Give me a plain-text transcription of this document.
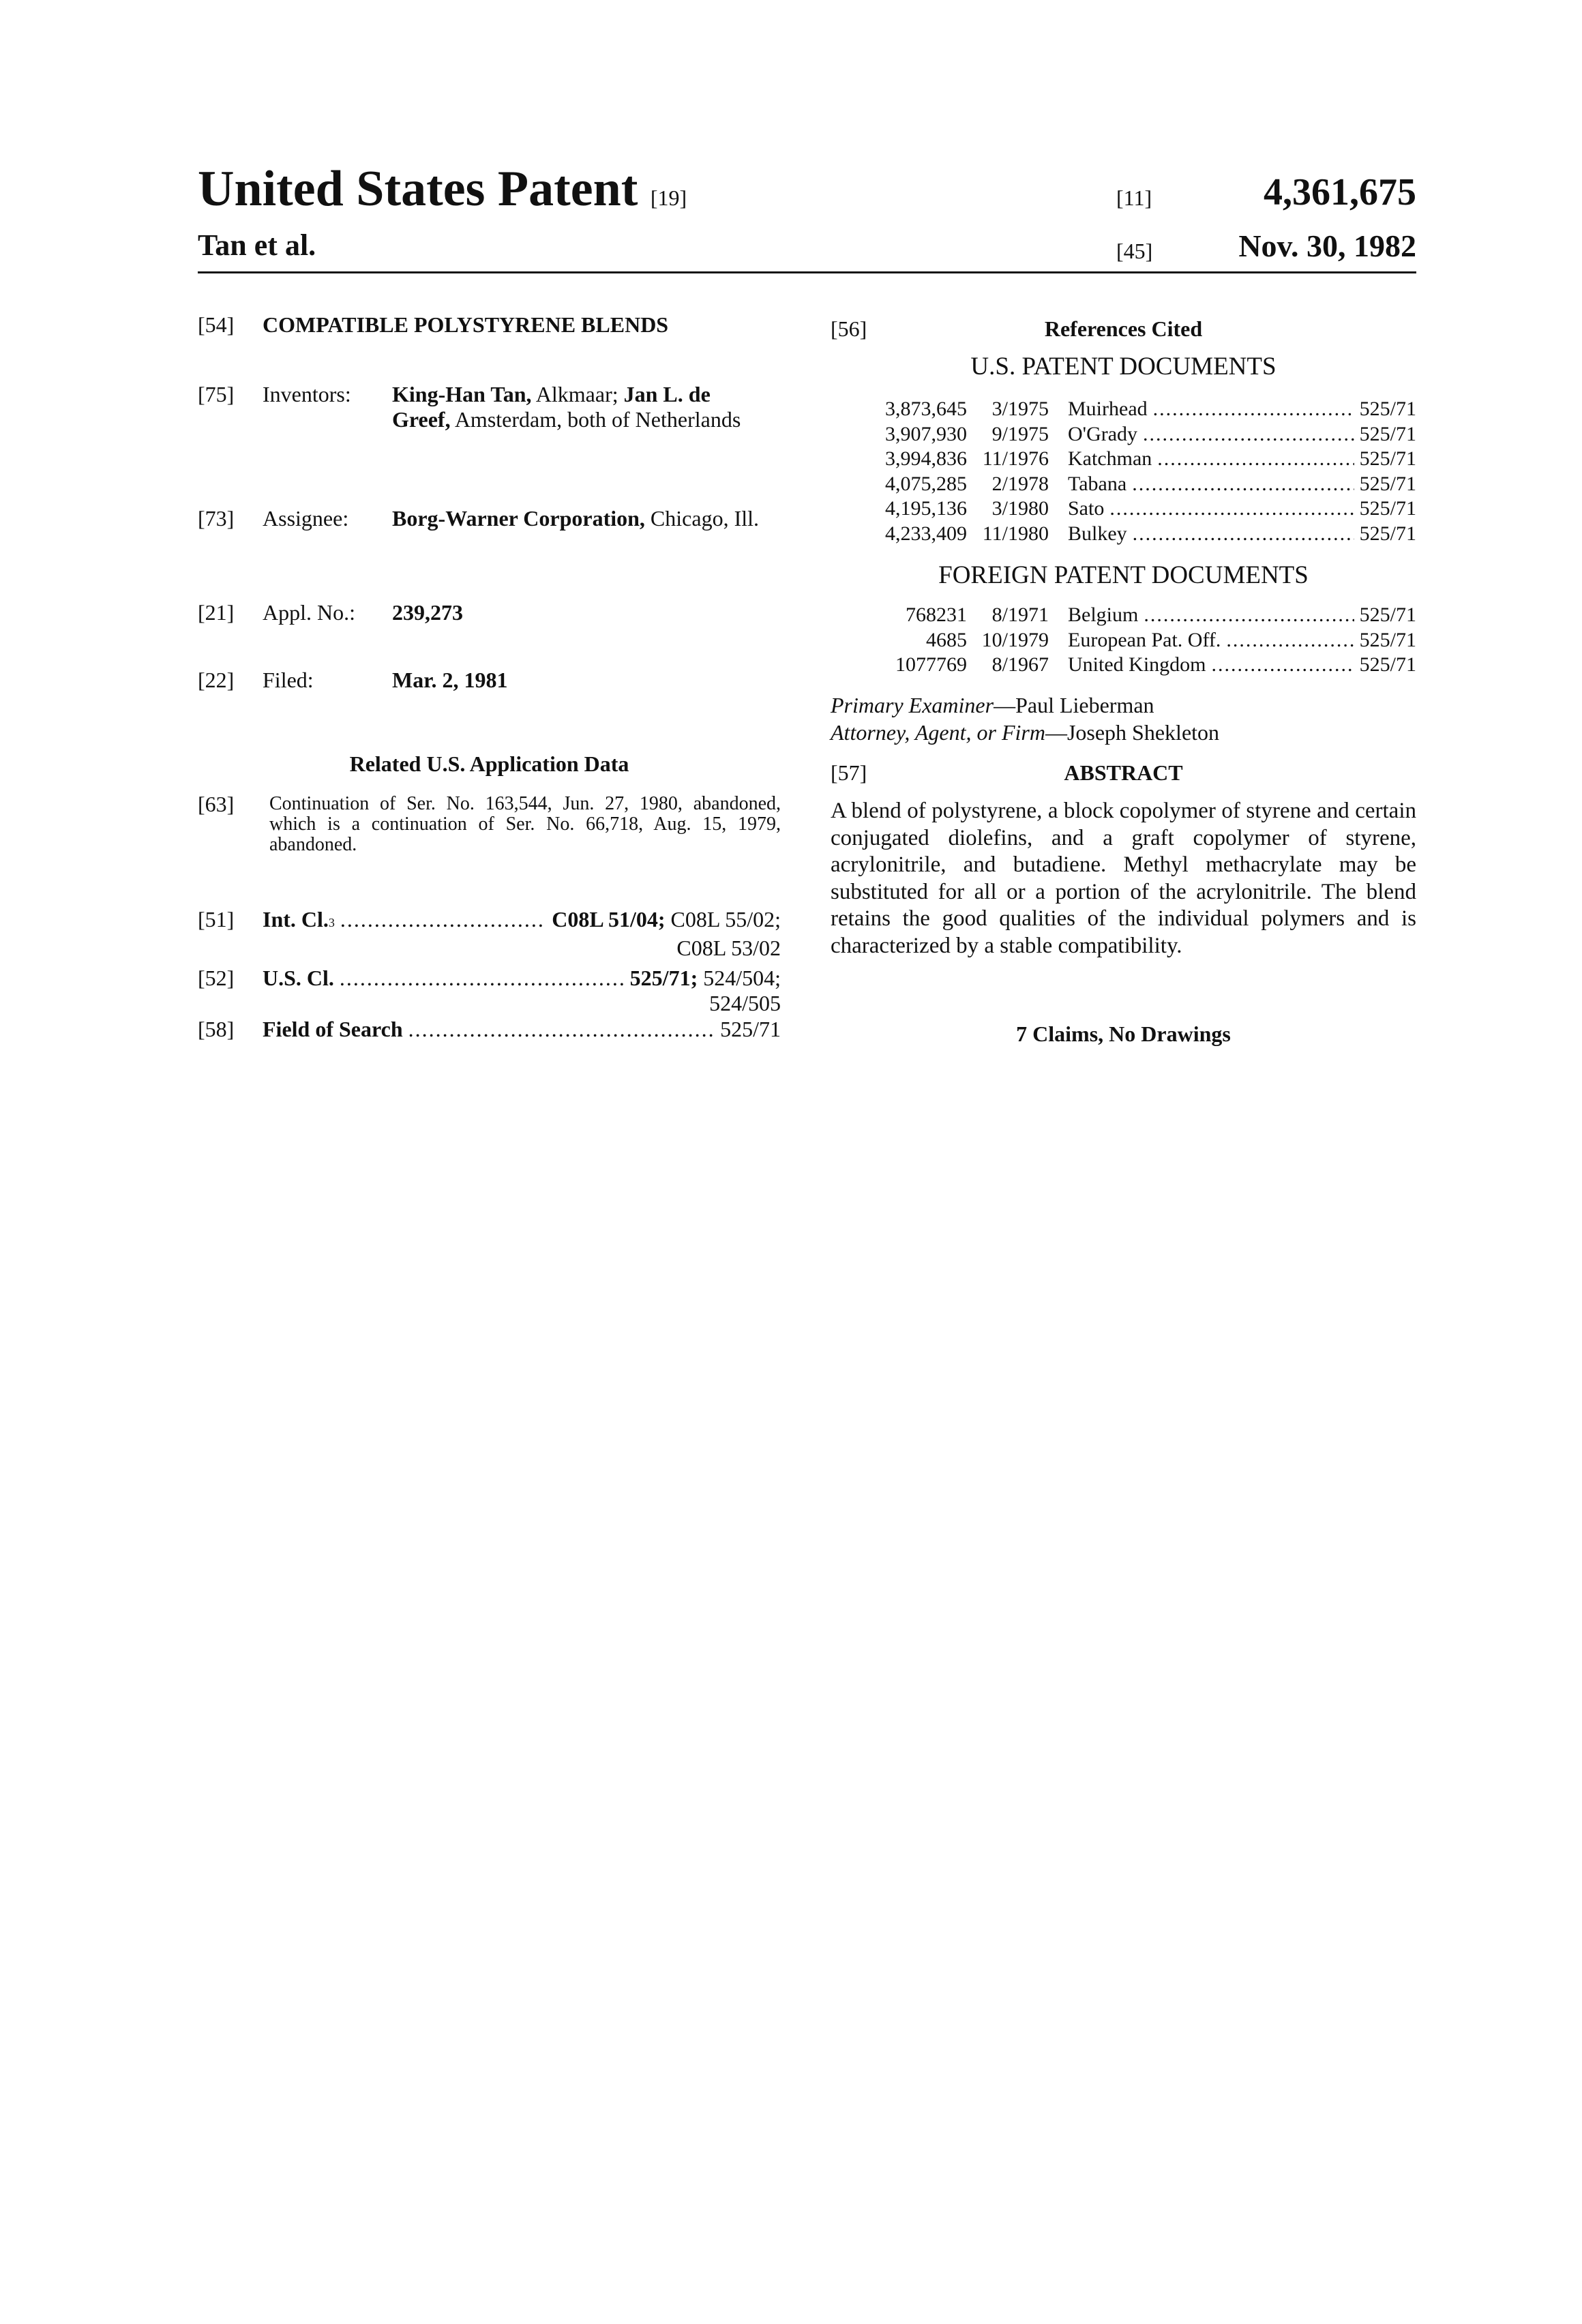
United States Patent [19]
Tan et al.
[11]	4,361,675
[45]	Nov. 30, 1982
[54] COMPATIBLE POLYSTYRENE BLENDS
[75] Inventors: King-Han Tan, Alkmaar; Jan L. de Greef, Amsterdam, both of Netherlands
[73] Assignee: Borg-Warner Corporation, Chicago, Ill.
[21] Appl. No.: 239,273
[22] Filed:	Mar. 2, 1981
Related U.S. Application Data
[63] Continuation of Ser. No. 163,544, Jun. 27, 1980, abandoned, which is a continuation of Ser. No. 66,718, Aug. 15, 1979, abandoned.
[51]	Int. Cl. 3
.....	C08L 51/04; C08L 55/02;
C08L 53/02
[52]	U.S. Cl.
.....	525/71; 524/504;
524/505
[58]	Field of Search
.....	525/71
[56]	References Cited
U.S. PATENT DOCUMENTS
3,873,645	3/1975 Muirhead
.....	525/71
3,907,930	9/1975 O'Grady
.....	525/71
3,994,836 11/1976 Katchman
.....	525/71
4,075,285	2/1978 Tabana
.....	525/71
4,195,136	3/1980 Sato
.....	525/71
4,233,409 11/1980 Bulkey
.....	525/71
FOREIGN PATENT DOCUMENTS
768231	8/1971 Belgium
.....	525/71
4685 10/1979 European Pat. Off.
.....	525/71
1077769	8/1967 United Kingdom
.....	525/71
Primary Examiner—Paul Lieberman
Attorney, Agent, or Firm—Joseph Shekleton
[57]	ABSTRACT
A blend of polystyrene, a block copolymer of styrene and certain conjugated diolefins, and a graft copolymer of styrene, acrylonitrile, and butadiene. Methyl methacrylate may be substituted for all or a portion of the acrylonitrile. The blend retains the good qualities of the individual polymers and is characterized by a stable compatibility.
7 Claims, No Drawings
